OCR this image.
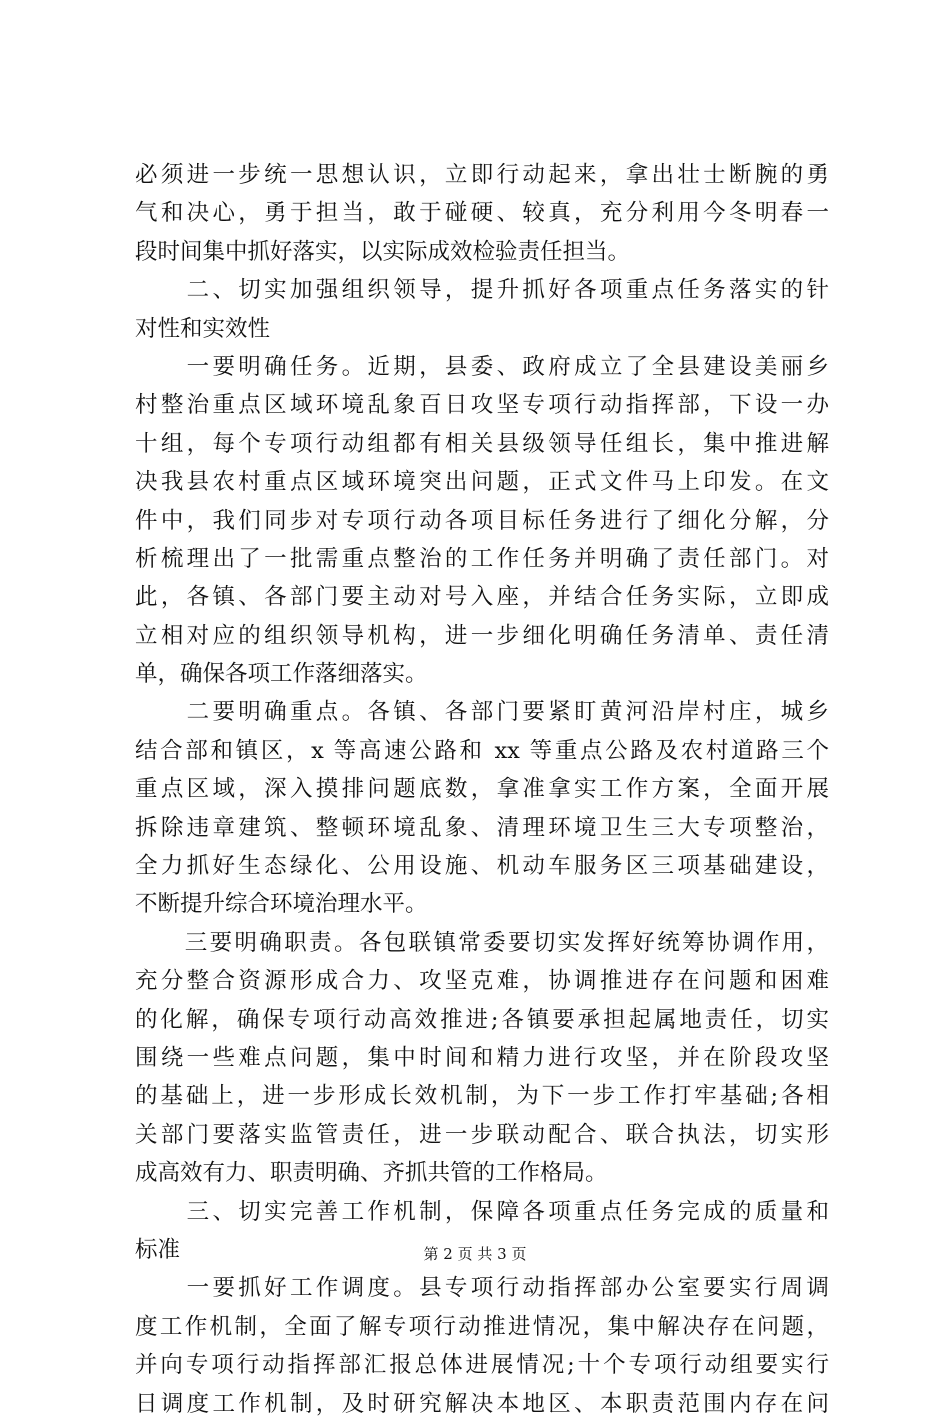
必须进一步统一思想认识，立即行动起来，拿出壮士断腕的勇
气和决心，勇于担当，敢于碰硬、较真，充分利用今冬明春一
段时间集中抓好落实，以实际成效检验责任担当。
　　二、切实加强组织领导，提升抓好各项重点任务落实的针
对性和实效性
　　一要明确任务。近期，县委、政府成立了全县建设美丽乡
村整治重点区域环境乱象百日攻坚专项行动指挥部，下设一办
十组，每个专项行动组都有相关县级领导任组长，集中推进解
决我县农村重点区域环境突出问题，正式文件马上印发。在文
件中，我们同步对专项行动各项目标任务进行了细化分解，分
析梳理出了一批需重点整治的工作任务并明确了责任部门。对
此，各镇、各部门要主动对号入座，并结合任务实际，立即成
立相对应的组织领导机构，进一步细化明确任务清单、责任清
单，确保各项工作落细落实。
　　二要明确重点。各镇、各部门要紧盯黄河沿岸村庄，城乡
结合部和镇区，x 等高速公路和 xx 等重点公路及农村道路三个
重点区域，深入摸排问题底数，拿准拿实工作方案，全面开展
拆除违章建筑、整顿环境乱象、清理环境卫生三大专项整治，
全力抓好生态绿化、公用设施、机动车服务区三项基础建设，
不断提升综合环境治理水平。
　　三要明确职责。各包联镇常委要切实发挥好统筹协调作用，
充分整合资源形成合力、攻坚克难，协调推进存在问题和困难
的化解，确保专项行动高效推进;各镇要承担起属地责任，切实
围绕一些难点问题，集中时间和精力进行攻坚，并在阶段攻坚
的基础上，进一步形成长效机制，为下一步工作打牢基础;各相
关部门要落实监管责任，进一步联动配合、联合执法，切实形
成高效有力、职责明确、齐抓共管的工作格局。
　　三、切实完善工作机制，保障各项重点任务完成的质量和
标准
　　一要抓好工作调度。县专项行动指挥部办公室要实行周调
度工作机制，全面了解专项行动推进情况，集中解决存在问题，
并向专项行动指挥部汇报总体进展情况;十个专项行动组要实行
日调度工作机制，及时研究解决本地区、本职责范围内存在问
第 2 页 共 3 页
